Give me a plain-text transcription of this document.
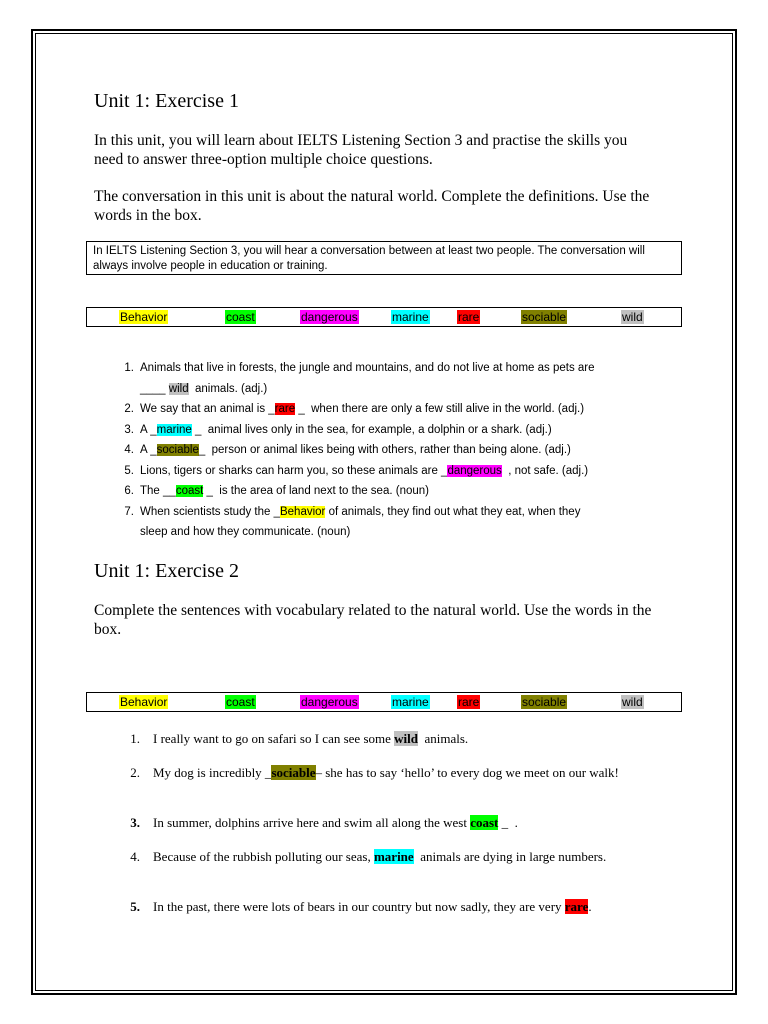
Unit 1: Exercise 1
In this unit, you will learn about IELTS Listening Section 3 and practise the skills you need to answer three-option multiple choice questions.
The conversation in this unit is about the natural world. Complete the definitions. Use the words in the box.
In IELTS Listening Section 3, you will hear a conversation between at least two people. The conversation will always involve people in education or training.
Behavior	coast	dangerous	marine rare	sociable	wild
1. Animals that live in forests, the jungle and mountains, and do not live at home as pets are
____ wild  animals. (adj.)
2. We say that an animal is _rare _  when there are only a few still alive in the world. (adj.)
3. A _marine _  animal lives only in the sea, for example, a dolphin or a shark. (adj.)
4. A _sociable_  person or animal likes being with others, rather than being alone. (adj.)
5. Lions, tigers or sharks can harm you, so these animals are _dangerous  , not safe. (adj.)
6. The __coast _  is the area of land next to the sea. (noun)
7. When scientists study the _Behavior of animals, they find out what they eat, when they
sleep and how they communicate. (noun)
Unit 1: Exercise 2
Complete the sentences with vocabulary related to the natural world. Use the words in the box.
Behavior	coast	dangerous	marine rare	sociable	wild
1. I really want to go on safari so I can see some wild  animals.
2. My dog is incredibly _sociable– she has to say ‘hello’ to every dog we meet on our walk!
3. In summer, dolphins arrive here and swim all along the west coast _  .
4. Because of the rubbish polluting our seas, marine  animals are dying in large numbers.
5. In the past, there were lots of bears in our country but now sadly, they are very rare.
